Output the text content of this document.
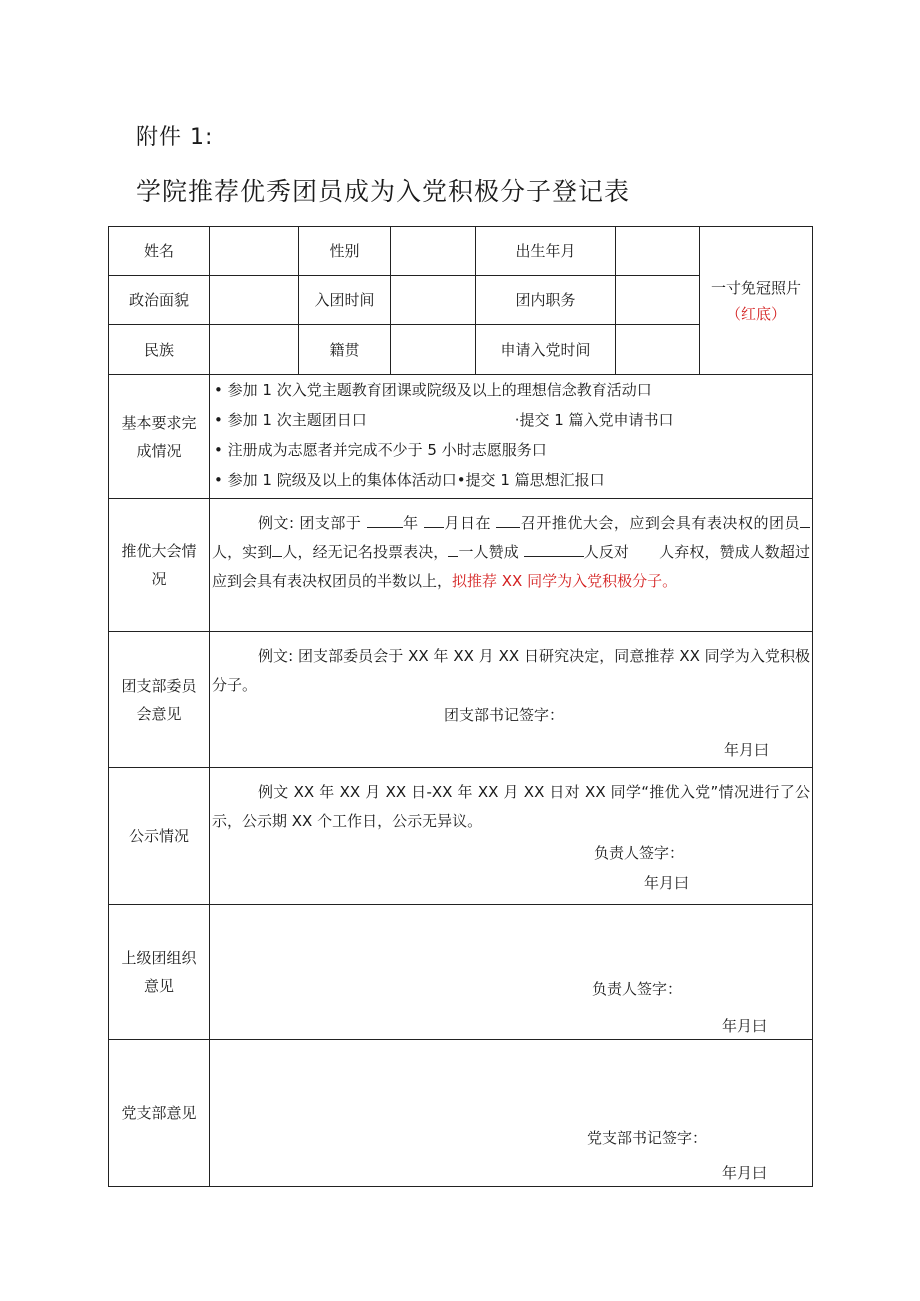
附件 1:
学院推荐优秀团员成为入党积极分子登记表
姓名		性别		出生年月		一寸免冠照片
（红底）

政治面貌		入团时间		团内职务		
民族		籍贯		申请入党时间		
基本要求完成情况	• 参加 1 次入党主题教育团课或院级及以上的理想信念教育活动口
• 参加 1 次主题团日口 ·提交 1 篇入党申请书口
• 注册成为志愿者并完成不少于 5 小时志愿服务口
• 参加 1 院级及以上的集体体活动口•提交 1 篇思想汇报口					

推优大会情况	例文: 团支部于 年 月日在 召开推优大会，应到会具有表决权的团员人，实到 人，经无记名投票表决， 一人赞成 人反对　　人弃权，赞成人数超过应到会具有表决权团员的半数以上，拟推荐 XX 同学为入党积极分子。					

团支部委员会意见	例文: 团支部委员会于 XX 年 XX 月 XX 日研究决定，同意推荐 XX 同学为入党积极分子。

团支部书记签字：
年月曰					

公示情况	例文 XX 年 XX 月 XX 日-XX 年 XX 月 XX 日对 XX 同学“推优入党”情况进行了公示，公示期 XX 个工作日，公示无异议。

负责人签字：
年月曰					

上级团组织意见	负责人签字：
年月曰					

党支部意见	党支部书记签字：
年月曰					
